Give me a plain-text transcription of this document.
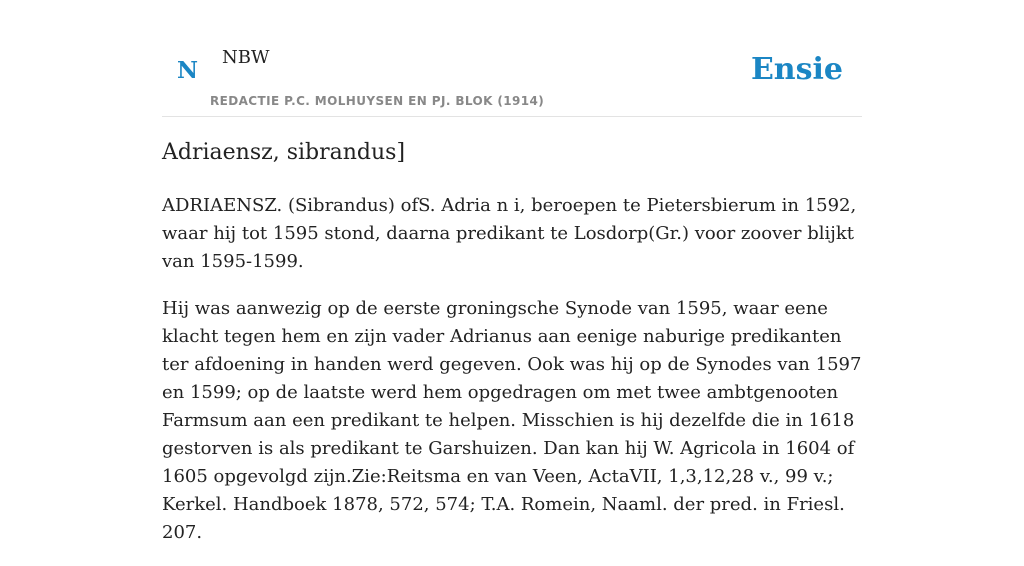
N NBW
REDACTIE P.C. MOLHUYSEN EN PJ. BLOK (1914)
Ensie
Adriaensz, sibrandus]

ADRIAENSZ. (Sibrandus) ofS. Adria n i, beroepen te Pietersbierum in 1592, waar hij tot 1595 stond, daarna predikant te Losdorp(Gr.) voor zoover blijkt van 1595-1599.

Hij was aanwezig op de eerste groningsche Synode van 1595, waar eene klacht tegen hem en zijn vader Adrianus aan eenige naburige predikanten ter afdoening in handen werd gegeven. Ook was hij op de Synodes van 1597 en 1599; op de laatste werd hem opgedragen om met twee ambtgenooten Farmsum aan een predikant te helpen. Misschien is hij dezelfde die in 1618 gestorven is als predikant te Garshuizen. Dan kan hij W. Agricola in 1604 of 1605 opgevolgd zijn.Zie:Reitsma en van Veen, ActaVII, 1,3,12,28 v., 99 v.; Kerkel. Handboek 1878, 572, 574; T.A. Romein, Naaml. der pred. in Friesl. 207.
